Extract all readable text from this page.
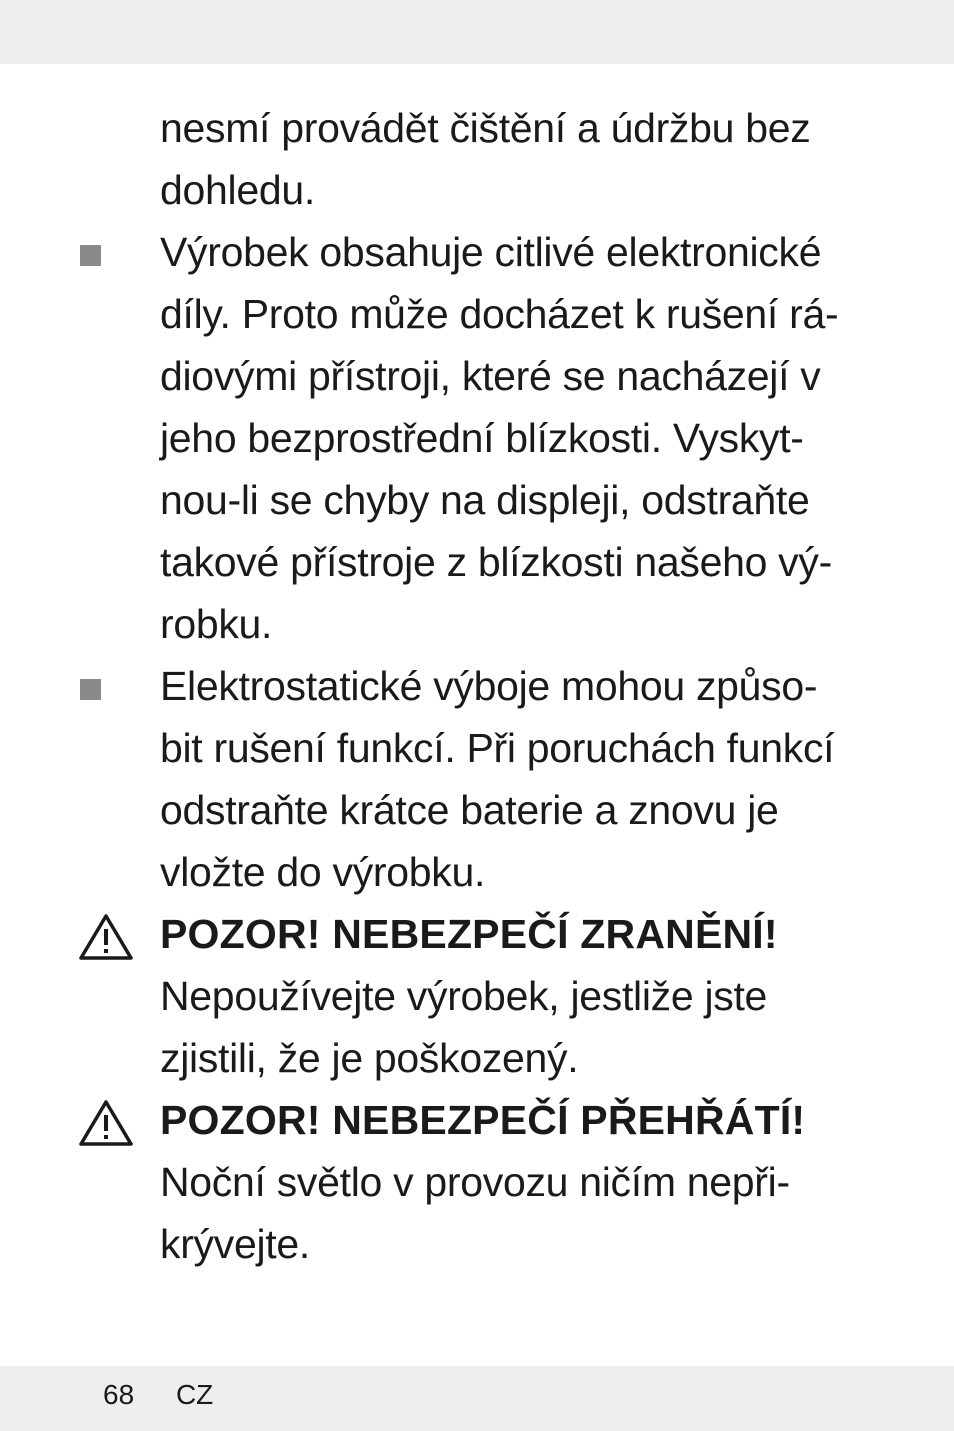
nesmí provádět čištění a údržbu bez
dohledu.
Výrobek obsahuje citlivé elektronické
díly. Proto může docházet k rušení rá-
diovými přístroji, které se nacházejí v
jeho bezprostřední blízkosti. Vyskyt-
nou-li se chyby na displeji, odstraňte
takové přístroje z blízkosti našeho vý-
robku.
Elektrostatické výboje mohou způso-
bit rušení funkcí. Při poruchách funkcí
odstraňte krátce baterie a znovu je
vložte do výrobku.
POZOR! NEBEZPEČÍ ZRANĚNÍ!
Nepoužívejte výrobek, jestliže jste
zjistili, že je poškozený.
POZOR! NEBEZPEČÍ PŘEHŘÁTÍ!
Noční světlo v provozu ničím nepři-
krývejte.
68 CZ
